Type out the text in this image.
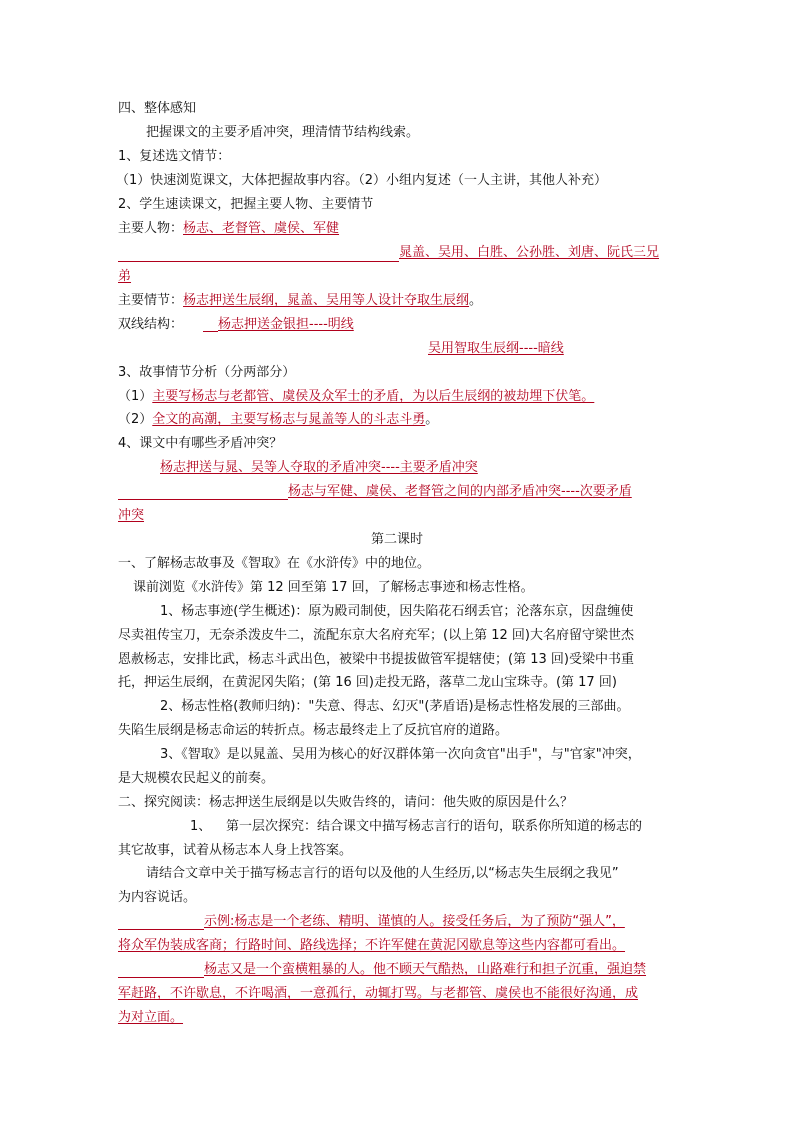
四、整体感知
把握课文的主要矛盾冲突，理清情节结构线索。
1、复述选文情节：
（1）快速浏览课文，大体把握故事内容。（2）小组内复述（一人主讲，其他人补充）
2、学生速读课文，把握主要人物、主要情节
主要人物：杨志、老督管、虞侯、军健
晁盖、吴用、白胜、公孙胜、刘唐、阮氏三兄
弟
主要情节：杨志押送生辰纲，晁盖、吴用等人设计夺取生辰纲。
双线结构：	杨志押送金银担----明线
吴用智取生辰纲----暗线
3、故事情节分析（分两部分）
（1）主要写杨志与老都管、虞侯及众军士的矛盾，为以后生辰纲的被劫埋下伏笔。
（2）全文的高潮，主要写杨志与晁盖等人的斗志斗勇。
4、课文中有哪些矛盾冲突？
杨志押送与晁、吴等人夺取的矛盾冲突----主要矛盾冲突
杨志与军健、虞侯、老督管之间的内部矛盾冲突----次要矛盾
冲突
第二课时
一、了解杨志故事及《智取》在《水浒传》中的地位。
课前浏览《水浒传》第 12 回至第 17 回，了解杨志事迹和杨志性格。
1、杨志事迹(学生概述)：原为殿司制使，因失陷花石纲丢官；沦落东京，因盘缠使
尽卖祖传宝刀，无奈杀泼皮牛二，流配东京大名府充军；(以上第 12 回)大名府留守梁世杰
恩赦杨志，安排比武，杨志斗武出色，被梁中书提拔做管军提辖使；(第 13 回)受梁中书重
托，押运生辰纲，在黄泥冈失陷；(第 16 回)走投无路，落草二龙山宝珠寺。(第 17 回)
2、杨志性格(教师归纳)："失意、得志、幻灭"(茅盾语)是杨志性格发展的三部曲。
失陷生辰纲是杨志命运的转折点。杨志最终走上了反抗官府的道路。
3、《智取》是以晁盖、吴用为核心的好汉群体第一次向贪官"出手"，与"官家"冲突，
是大规模农民起义的前奏。
二、探究阅读：杨志押送生辰纲是以失败告终的，请问：他失败的原因是什么？
1、 第一层次探究：结合课文中描写杨志言行的语句，联系你所知道的杨志的
其它故事，试着从杨志本人身上找答案。
请结合文章中关于描写杨志言行的语句以及他的人生经历,以“杨志失生辰纲之我见”
为内容说话。
示例:杨志是一个老练、精明、谨慎的人。接受任务后，为了预防“强人”，
将众军伪装成客商；行路时间、路线选择；不许军健在黄泥冈歇息等这些内容都可看出。
杨志又是一个蛮横粗暴的人。他不顾天气酷热，山路难行和担子沉重，强迫禁
军赶路，不许歇息，不许喝酒，一意孤行，动辄打骂。与老都管、虞侯也不能很好沟通，成
为对立面。
